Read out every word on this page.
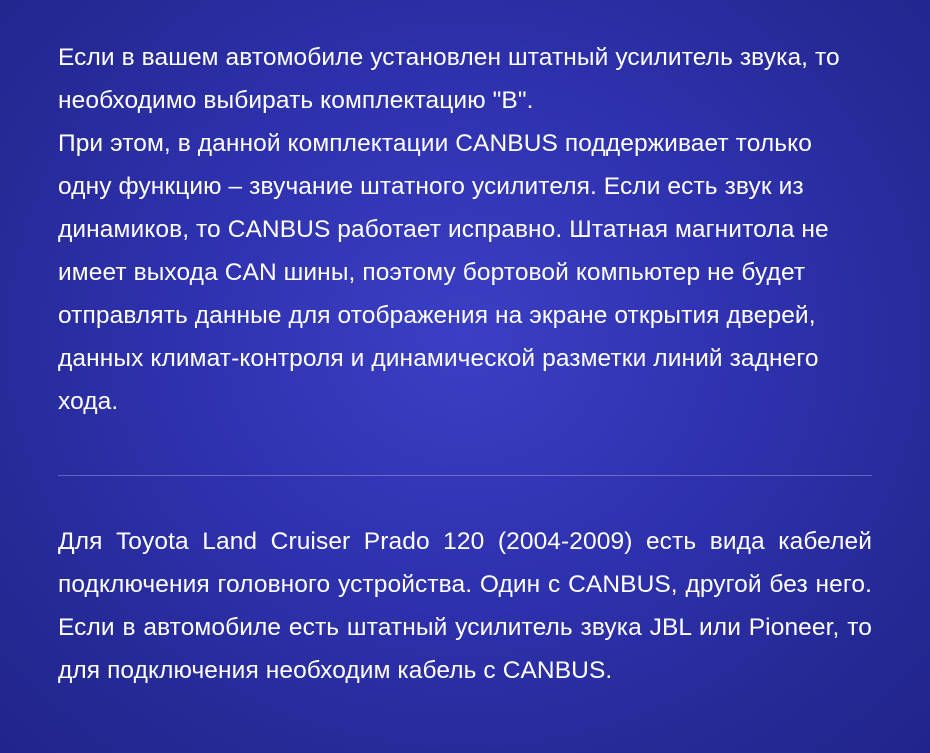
Если в вашем автомобиле установлен штатный усилитель звука, то необходимо выбирать комплектацию "B".

При этом, в данной комплектации CANBUS поддерживает только одну функцию – звучание штатного усилителя. Если есть звук из динамиков, то CANBUS работает исправно. Штатная магнитола не имеет выхода CAN шины, поэтому бортовой компьютер не будет отправлять данные для отображения на экране открытия дверей, данных климат-контроля и динамической разметки линий заднего хода.

Для Toyota Land Cruiser Prado 120 (2004-2009) есть вида кабелей подключения головного устройства. Один с CANBUS, другой без него. Если в автомобиле есть штатный усилитель звука JBL или Pioneer, то для подключения необходим кабель с CANBUS.
